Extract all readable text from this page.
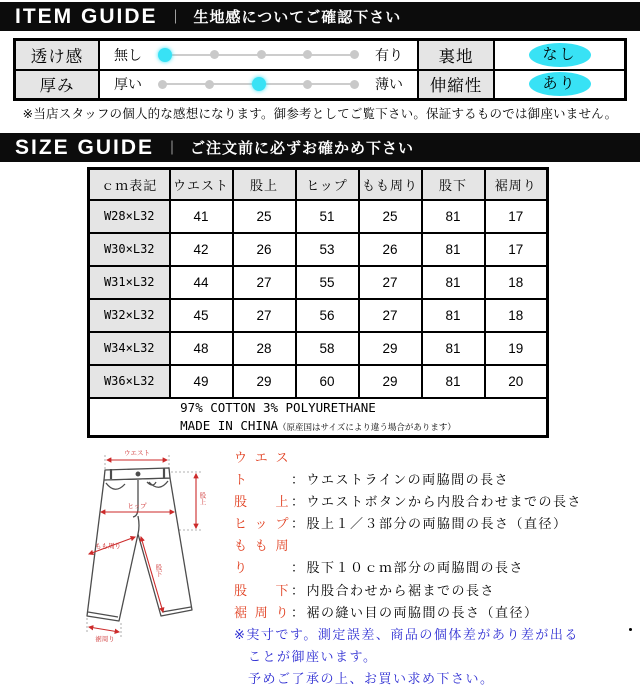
ITEM GUIDE ｜ 生地感についてご確認下さい
透け感	無し	有り	裏地	なし
厚み	厚い	薄い	伸縮性	あり

※当店スタッフの個人的な感想になります。御参考としてご覧下さい。保証するものでは御座いません。

SIZE GUIDE ｜ ご注文前に必ずお確かめ下さい
ｃｍ表記	ウエスト	股上	ヒップ	もも周り	股下	裾周り
W28×L32	41	25	51	25	81	17
W30×L32	42	26	53	26	81	17
W31×L32	44	27	55	27	81	18
W32×L32	45	27	56	27	81	18
W34×L32	48	28	58	29	81	19
W36×L32	49	29	60	29	81	20
97% COTTON 3% POLYURETHANE
MADE IN CHINA（原産国はサイズにより違う場合があります）						
ウエスト
股上
ヒップ
もも周り
股下
裾周り
ウエスト	：ウエストラインの両脇間の長さ
股上：ウエストボタンから内股合わせまでの長さ
ヒップ：股上１／３部分の両脇間の長さ（直径）
もも周り	：股下１０ｃｍ部分の両脇間の長さ
股下：内股合わせから裾までの長さ
裾周り：裾の縫い目の両脇間の長さ（直径）
※実寸です。測定誤差、商品の個体差があり差が出る
ことが御座います。
予めご了承の上、お買い求め下さい。
